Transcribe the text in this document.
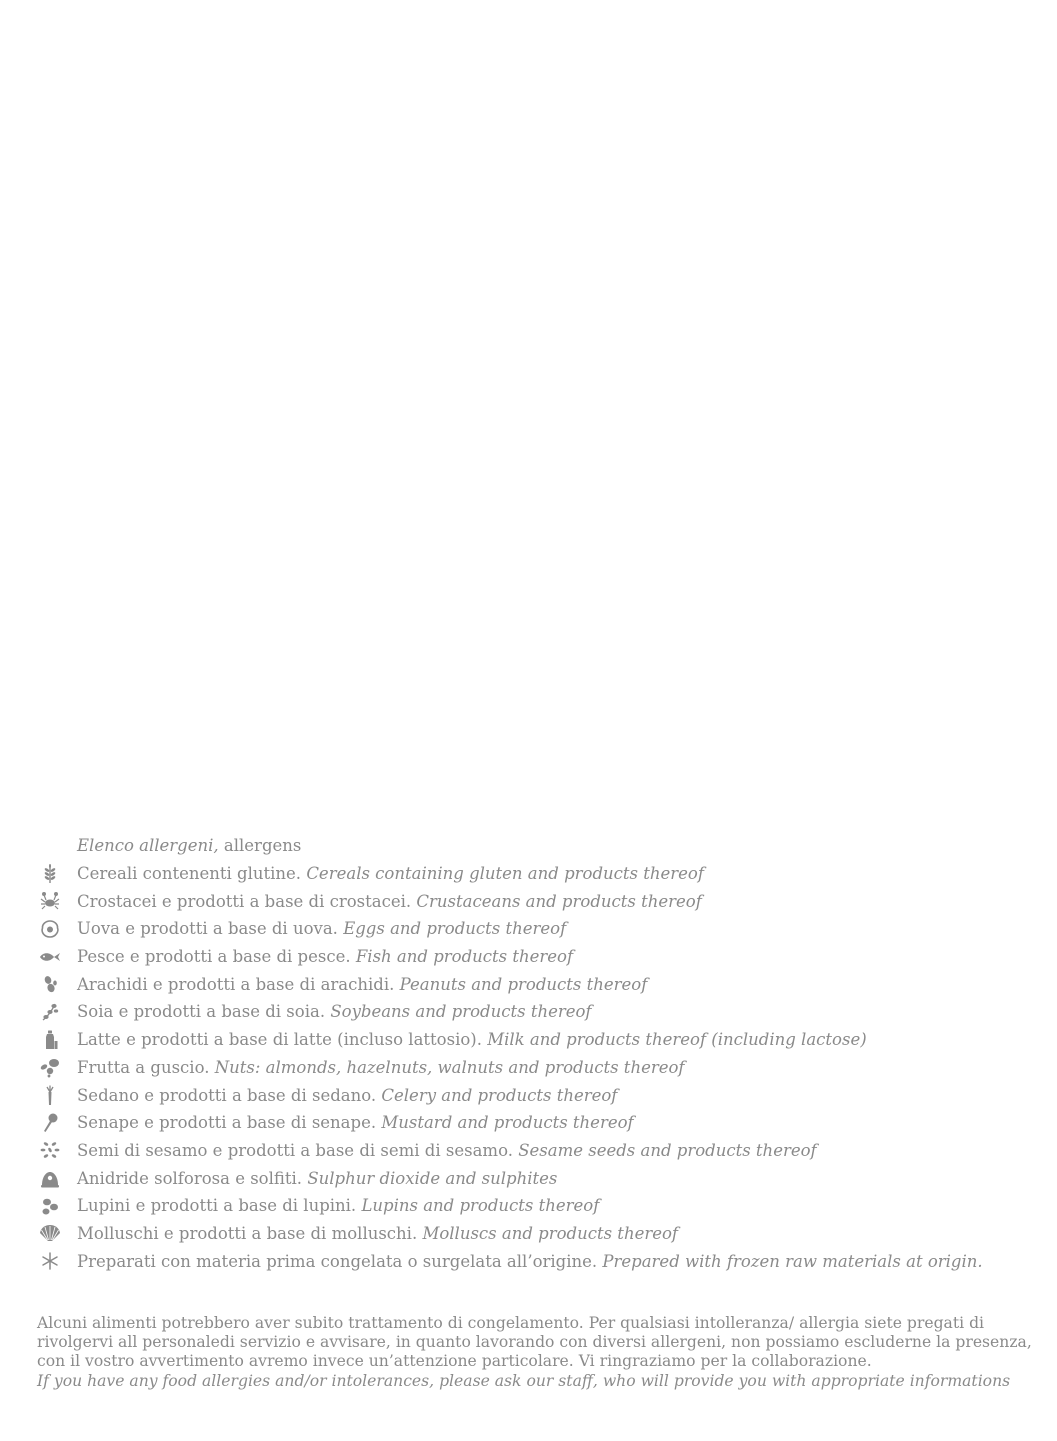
Elenco allergeni, allergens
Cereali contenenti glutine.
Cereals containing gluten and products thereof
Crostacei e prodotti a base di crostacei.
Crustaceans and products thereof
Uova e prodotti a base di uova.
Eggs and products thereof
Pesce e prodotti a base di pesce.
Fish and products thereof
Arachidi e prodotti a base di arachidi.
Peanuts and products thereof
Soia e prodotti a base di soia.
Soybeans and products thereof
Latte e prodotti a base di latte (incluso lattosio).
Milk and products thereof (including lactose)
Frutta a guscio.
Nuts: almonds, hazelnuts, walnuts and products thereof
Sedano e prodotti a base di sedano.
Celery and products thereof
Senape e prodotti a base di senape.
Mustard and products thereof
Semi di sesamo e prodotti a base di semi di sesamo.
Sesame seeds and products thereof
Anidride solforosa e solfiti.
Sulphur dioxide and sulphites
Lupini e prodotti a base di lupini.
Lupins and products thereof
Molluschi e prodotti a base di molluschi.
Molluscs and products thereof
Preparati con materia prima congelata o surgelata all’origine.
Prepared with frozen raw materials at origin.

Alcuni alimenti potrebbero aver subito trattamento di congelamento. Per qualsiasi intolleranza/ allergia siete pregati di rivolgervi all personaledi servizio e avvisare, in quanto lavorando con diversi allergeni, non possiamo escluderne la presenza, con il vostro avvertimento avremo invece un’attenzione particolare. Vi ringraziamo per la collaborazione.

If you have any food allergies and/or intolerances, please ask our staff, who will provide you with appropriate informations
